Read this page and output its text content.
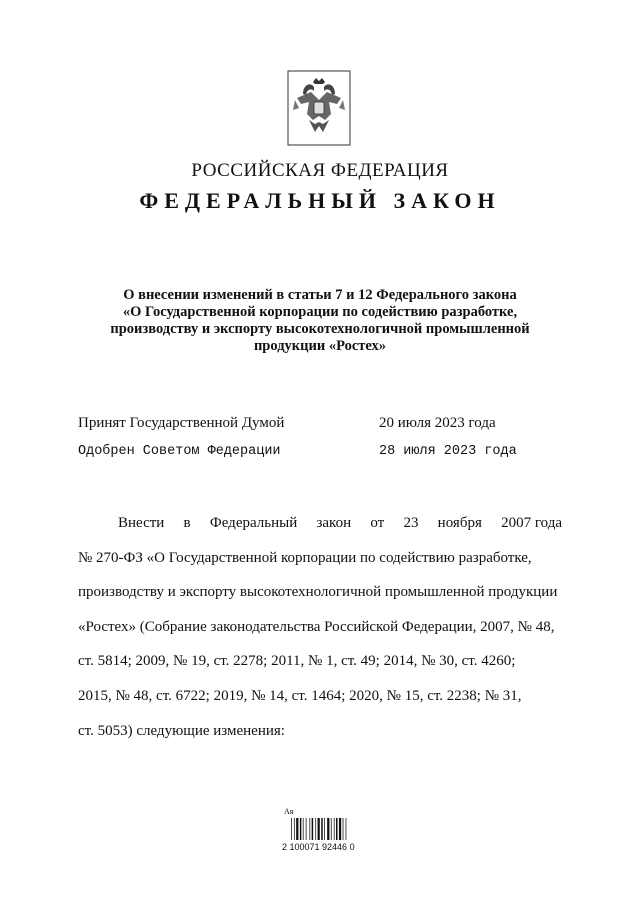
РОССИЙСКАЯ ФЕДЕРАЦИЯ
ФЕДЕРАЛЬНЫЙ ЗАКОН
О внесении изменений в статьи 7 и 12 Федерального закона
«О Государственной корпорации по содействию разработке,
производству и экспорту высокотехнологичной промышленной
продукции «Ростех»
Принят Государственной Думой	20 июля 2023 года
Одобрен Советом Федерации	28 июля 2023 года
Внести в Федеральный закон от 23 ноября 2007 года
№ 270-ФЗ «О Государственной корпорации по содействию разработке,
производству и экспорту высокотехнологичной промышленной продукции
«Ростех» (Собрание законодательства Российской Федерации, 2007, № 48,
ст. 5814; 2009, № 19, ст. 2278; 2011, № 1, ст. 49; 2014, № 30, ст. 4260;
2015, № 48, ст. 6722; 2019, № 14, ст. 1464; 2020, № 15, ст. 2238; № 31,
ст. 5053) следующие изменения:
Ая
2 100071 92446 0
